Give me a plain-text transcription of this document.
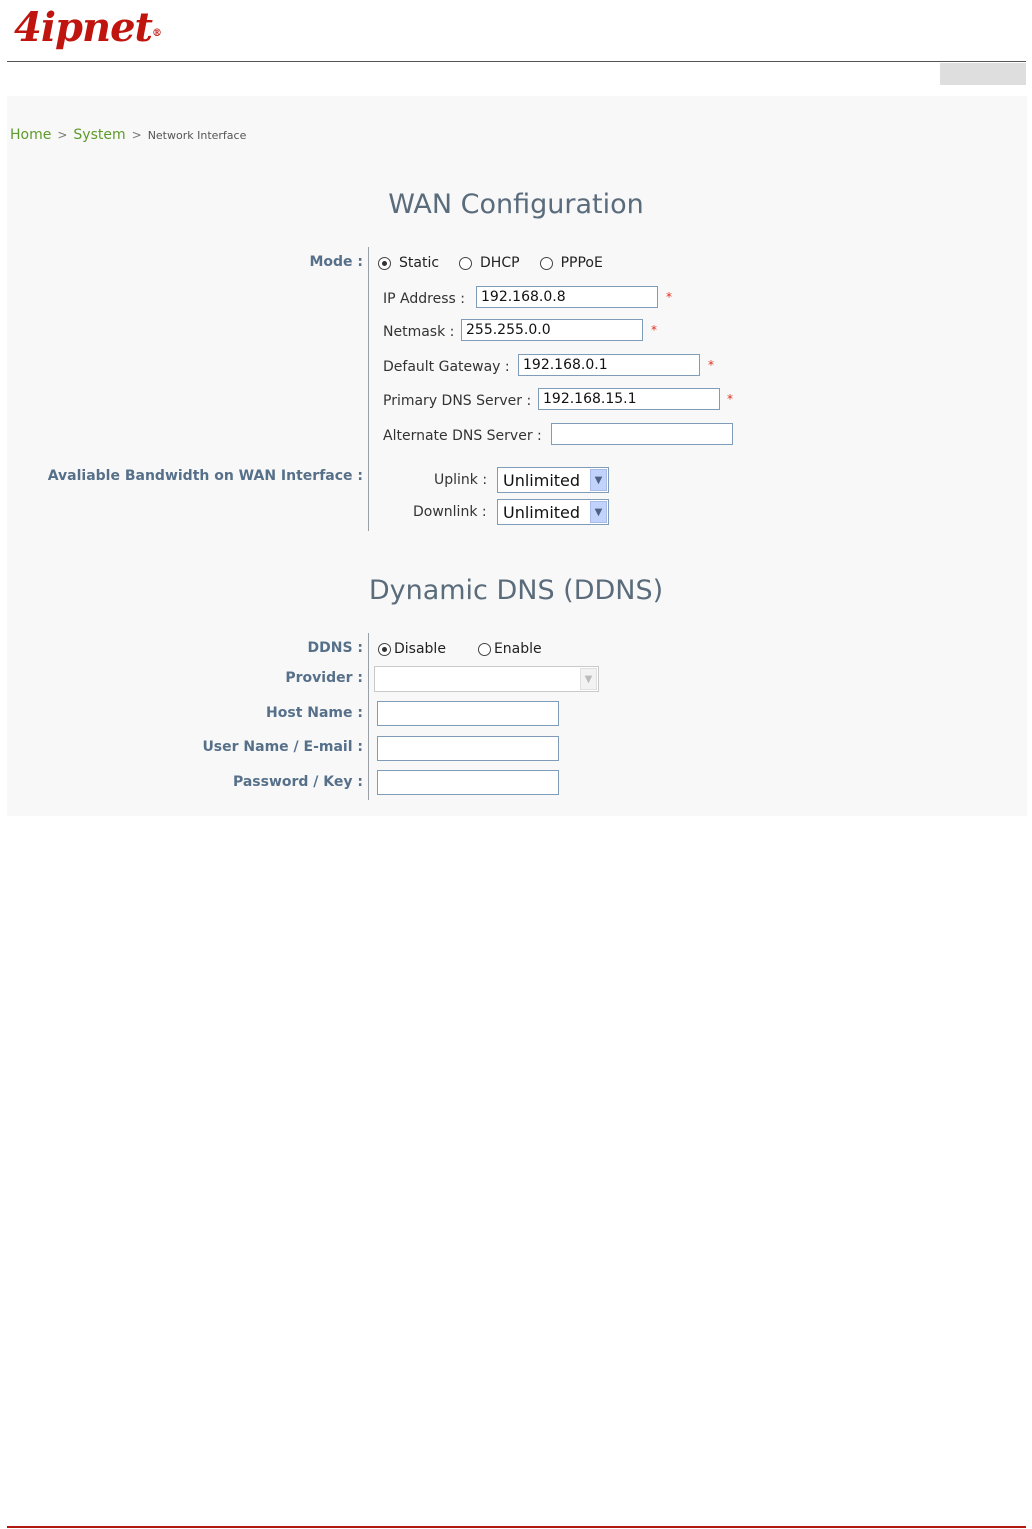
4ipnet®
Home > System > Network Interface
WAN Configuration
Mode :	Static	DHCP	PPPoE
IP Address :
192.168.0.8	*
Netmask :
255.255.0.0	*
Default Gateway :
192.168.0.1	*
Primary DNS Server :
192.168.15.1	*
Alternate DNS Server :
Avaliable Bandwidth on WAN Interface :	Uplink : Unlimited	▼
Downlink :	Unlimited	▼
Dynamic DNS (DDNS)
DDNS : Disable	Enable
Provider :	▼
Host Name :
User Name / E-mail :
Password / Key :
